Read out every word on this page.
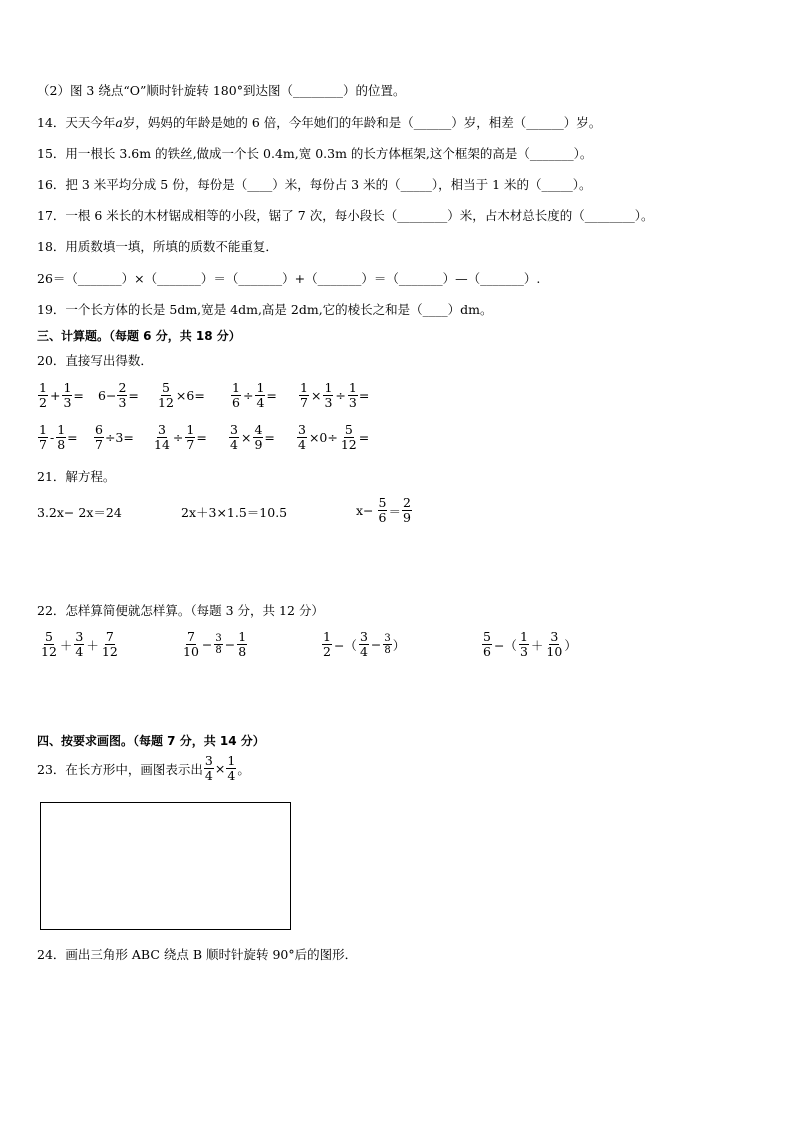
（2）图 3 绕点“O”顺时针旋转 180°到达图（________）的位置。
14．天天今年a岁，妈妈的年龄是她的 6 倍，今年她们的年龄和是（______）岁，相差（______）岁。
15．用一根长 3.6m 的铁丝,做成一个长 0.4m,宽 0.3m 的长方体框架,这个框架的高是（_______）。
16．把 3 米平均分成 5 份，每份是（____）米，每份占 3 米的（_____），相当于 1 米的（_____）。
17．一根 6 米长的木材锯成相等的小段，锯了 7 次，每小段长（________）米，占木材总长度的（________）。
18．用质数填一填，所填的质数不能重复．
26＝（_______）×（_______）＝（_______）+（_______）＝（_______）—（_______）.
19．一个长方体的长是 5dm,宽是 4dm,高是 2dm,它的棱长之和是（____）dm。
三、计算题。（每题 6 分，共 18 分）
20．直接写出得数．
$\frac{1}{2} + \frac{1}{3} = 6- \frac{2}{3} = \frac{5}{12} \times 6= \frac{1}{6} \div \frac{1}{4} = \frac{1}{7} \times \frac{1}{3} \div \frac{1}{3}$ =
$\frac{1}{7} - \frac{1}{8} = \frac{6}{7} \div 3= \frac{3}{14} \div \frac{1}{7} = \frac{3}{4} \times \frac{4}{9} = \frac{3}{4} \times 0\div \frac{5}{12}$ =
21．解方程。
3.2x− 2x＝24	2x＋3×1.5＝10.5	$x- \frac{5}{6} = \frac{2}{9}$
22．怎样算简便就怎样算。（每题 3 分，共 12 分）
$\frac{5}{12} + \frac{3}{4} + \frac{7}{12}$	$\frac{7}{10} - \frac{3}{8} - \frac{1}{8}$	$\frac{1}{2}$ −（ $\frac{3}{4} - \frac{3}{8}$ ）	$\frac{5}{6}$ −（ $\frac{1}{3} + \frac{3}{10}$ ）
四、按要求画图。（每题 7 分，共 14 分）
23．在长方形中，画图表示出 $\frac{3}{4} \times \frac{1}{4}$ 。
24．画出三角形 ABC 绕点 B 顺时针旋转 90°后的图形．
